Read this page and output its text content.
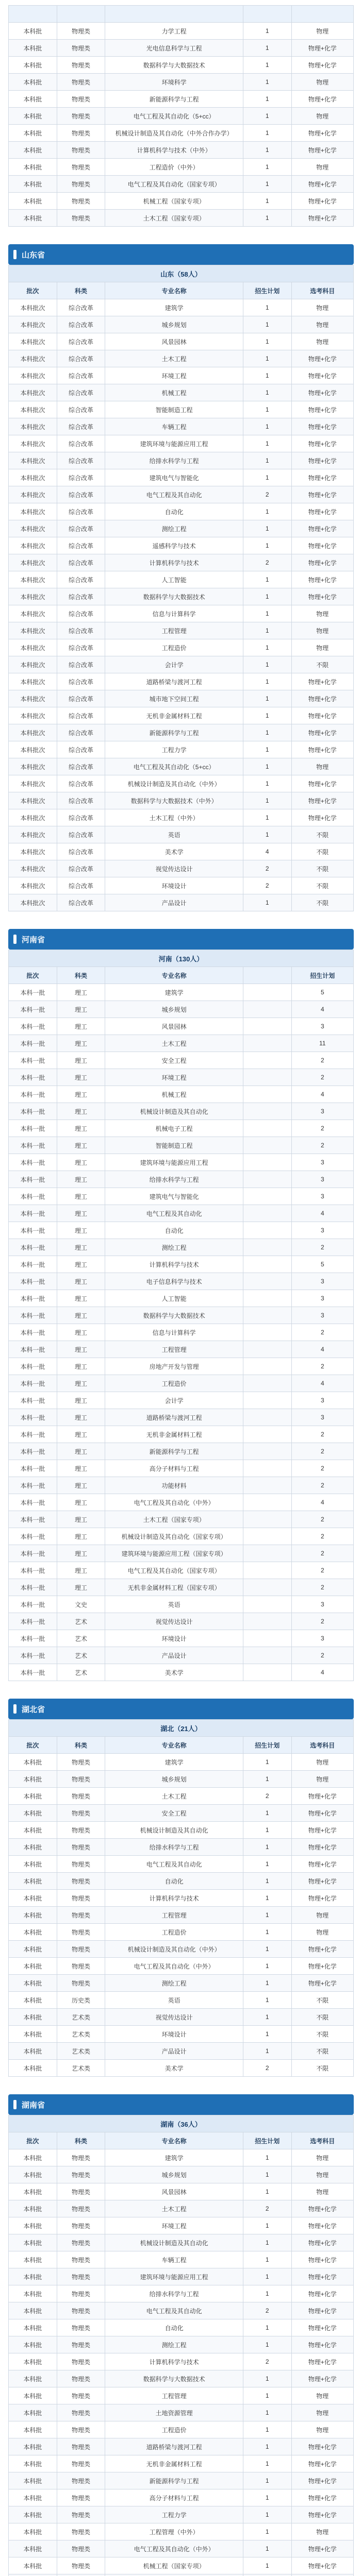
本科批	物理类	力学工程	1	物理
本科批	物理类	光电信息科学与工程	1	物理+化学
本科批	物理类	数据科学与大数据技术	1	物理+化学
本科批	物理类	环境科学	1	物理
本科批	物理类	新能源科学与工程	1	物理+化学
本科批	物理类	电气工程及其自动化（5+cc）	1	物理
本科批	物理类	机械设计制造及其自动化（中外合作办学）	1	物理+化学
本科批	物理类	计算机科学与技术（中外）	1	物理+化学
本科批	物理类	工程造价（中外）	1	物理
本科批	物理类	电气工程及其自动化（国家专项）	1	物理+化学
本科批	物理类	机械工程（国家专项）	1	物理+化学
本科批	物理类	土木工程（国家专项）	1	物理+化学
山东省
山东（58人）				
批次	科类	专业名称	招生计划	选考科目
本科批次	综合改革	建筑学	1	物理
本科批次	综合改革	城乡规划	1	物理
本科批次	综合改革	风景园林	1	物理
本科批次	综合改革	土木工程	1	物理+化学
本科批次	综合改革	环境工程	1	物理+化学
本科批次	综合改革	机械工程	1	物理+化学
本科批次	综合改革	智能制造工程	1	物理+化学
本科批次	综合改革	车辆工程	1	物理+化学
本科批次	综合改革	建筑环境与能源应用工程	1	物理+化学
本科批次	综合改革	给排水科学与工程	1	物理+化学
本科批次	综合改革	建筑电气与智能化	1	物理+化学
本科批次	综合改革	电气工程及其自动化	2	物理+化学
本科批次	综合改革	自动化	1	物理+化学
本科批次	综合改革	测绘工程	1	物理+化学
本科批次	综合改革	遥感科学与技术	1	物理+化学
本科批次	综合改革	计算机科学与技术	2	物理+化学
本科批次	综合改革	人工智能	1	物理+化学
本科批次	综合改革	数据科学与大数据技术	1	物理+化学
本科批次	综合改革	信息与计算科学	1	物理
本科批次	综合改革	工程管理	1	物理
本科批次	综合改革	工程造价	1	物理
本科批次	综合改革	会计学	1	不限
本科批次	综合改革	道路桥梁与渡河工程	1	物理+化学
本科批次	综合改革	城市地下空间工程	1	物理+化学
本科批次	综合改革	无机非金属材料工程	1	物理+化学
本科批次	综合改革	新能源科学与工程	1	物理+化学
本科批次	综合改革	工程力学	1	物理+化学
本科批次	综合改革	电气工程及其自动化（5+cc）	1	物理
本科批次	综合改革	机械设计制造及其自动化（中外）	1	物理+化学
本科批次	综合改革	数据科学与大数据技术（中外）	1	物理+化学
本科批次	综合改革	土木工程（中外）	1	物理+化学
本科批次	综合改革	英语	1	不限
本科批次	综合改革	美术学	4	不限
本科批次	综合改革	视觉传达设计	2	不限
本科批次	综合改革	环境设计	2	不限
本科批次	综合改革	产品设计	1	不限
河南省
河南（130人）				
批次	科类	专业名称		招生计划
本科一批	理工	建筑学		5
本科一批	理工	城乡规划		4
本科一批	理工	风景园林		3
本科一批	理工	土木工程		11
本科一批	理工	安全工程		2
本科一批	理工	环境工程		2
本科一批	理工	机械工程		4
本科一批	理工	机械设计制造及其自动化		3
本科一批	理工	机械电子工程		2
本科一批	理工	智能制造工程		2
本科一批	理工	建筑环境与能源应用工程		3
本科一批	理工	给排水科学与工程		3
本科一批	理工	建筑电气与智能化		3
本科一批	理工	电气工程及其自动化		4
本科一批	理工	自动化		3
本科一批	理工	测绘工程		2
本科一批	理工	计算机科学与技术		5
本科一批	理工	电子信息科学与技术		3
本科一批	理工	人工智能		3
本科一批	理工	数据科学与大数据技术		3
本科一批	理工	信息与计算科学		2
本科一批	理工	工程管理		4
本科一批	理工	房地产开发与管理		2
本科一批	理工	工程造价		4
本科一批	理工	会计学		3
本科一批	理工	道路桥梁与渡河工程		3
本科一批	理工	无机非金属材料工程		2
本科一批	理工	新能源科学与工程		2
本科一批	理工	高分子材料与工程		2
本科一批	理工	功能材料		2
本科一批	理工	电气工程及其自动化（中外）		4
本科一批	理工	土木工程（国家专项）		2
本科一批	理工	机械设计制造及其自动化（国家专项）		2
本科一批	理工	建筑环境与能源应用工程（国家专项）		2
本科一批	理工	电气工程及其自动化（国家专项）		2
本科一批	理工	无机非金属材料工程（国家专项）		2
本科一批	文史	英语		3
本科一批	艺术	视觉传达设计		2
本科一批	艺术	环境设计		3
本科一批	艺术	产品设计		2
本科一批	艺术	美术学		4
湖北省
湖北（21人）				
批次	科类	专业名称	招生计划	选考科目
本科批	物理类	建筑学	1	物理
本科批	物理类	城乡规划	1	物理
本科批	物理类	土木工程	2	物理+化学
本科批	物理类	安全工程	1	物理+化学
本科批	物理类	机械设计制造及其自动化	1	物理+化学
本科批	物理类	给排水科学与工程	1	物理+化学
本科批	物理类	电气工程及其自动化	1	物理+化学
本科批	物理类	自动化	1	物理+化学
本科批	物理类	计算机科学与技术	1	物理+化学
本科批	物理类	工程管理	1	物理
本科批	物理类	工程造价	1	物理
本科批	物理类	机械设计制造及其自动化（中外）	1	物理+化学
本科批	物理类	电气工程及其自动化（中外）	1	物理+化学
本科批	物理类	测绘工程	1	物理+化学
本科批	历史类	英语	1	不限
本科批	艺术类	视觉传达设计	1	不限
本科批	艺术类	环境设计	1	不限
本科批	艺术类	产品设计	1	不限
本科批	艺术类	美术学	2	不限
湖南省
湖南（36人）				
批次	科类	专业名称	招生计划	选考科目
本科批	物理类	建筑学	1	物理
本科批	物理类	城乡规划	1	物理
本科批	物理类	风景园林	1	物理
本科批	物理类	土木工程	2	物理+化学
本科批	物理类	环境工程	1	物理+化学
本科批	物理类	机械设计制造及其自动化	1	物理+化学
本科批	物理类	车辆工程	1	物理+化学
本科批	物理类	建筑环境与能源应用工程	1	物理+化学
本科批	物理类	给排水科学与工程	1	物理+化学
本科批	物理类	电气工程及其自动化	2	物理+化学
本科批	物理类	自动化	1	物理+化学
本科批	物理类	测绘工程	1	物理+化学
本科批	物理类	计算机科学与技术	2	物理+化学
本科批	物理类	数据科学与大数据技术	1	物理+化学
本科批	物理类	工程管理	1	物理
本科批	物理类	土地资源管理	1	物理
本科批	物理类	工程造价	1	物理
本科批	物理类	道路桥梁与渡河工程	1	物理+化学
本科批	物理类	无机非金属材料工程	1	物理+化学
本科批	物理类	新能源科学与工程	1	物理+化学
本科批	物理类	高分子材料与工程	1	物理+化学
本科批	物理类	工程力学	1	物理+化学
本科批	物理类	工程管理（中外）	1	物理
本科批	物理类	电气工程及其自动化（中外）	1	物理+化学
本科批	物理类	机械工程（国家专项）	1	物理+化学
